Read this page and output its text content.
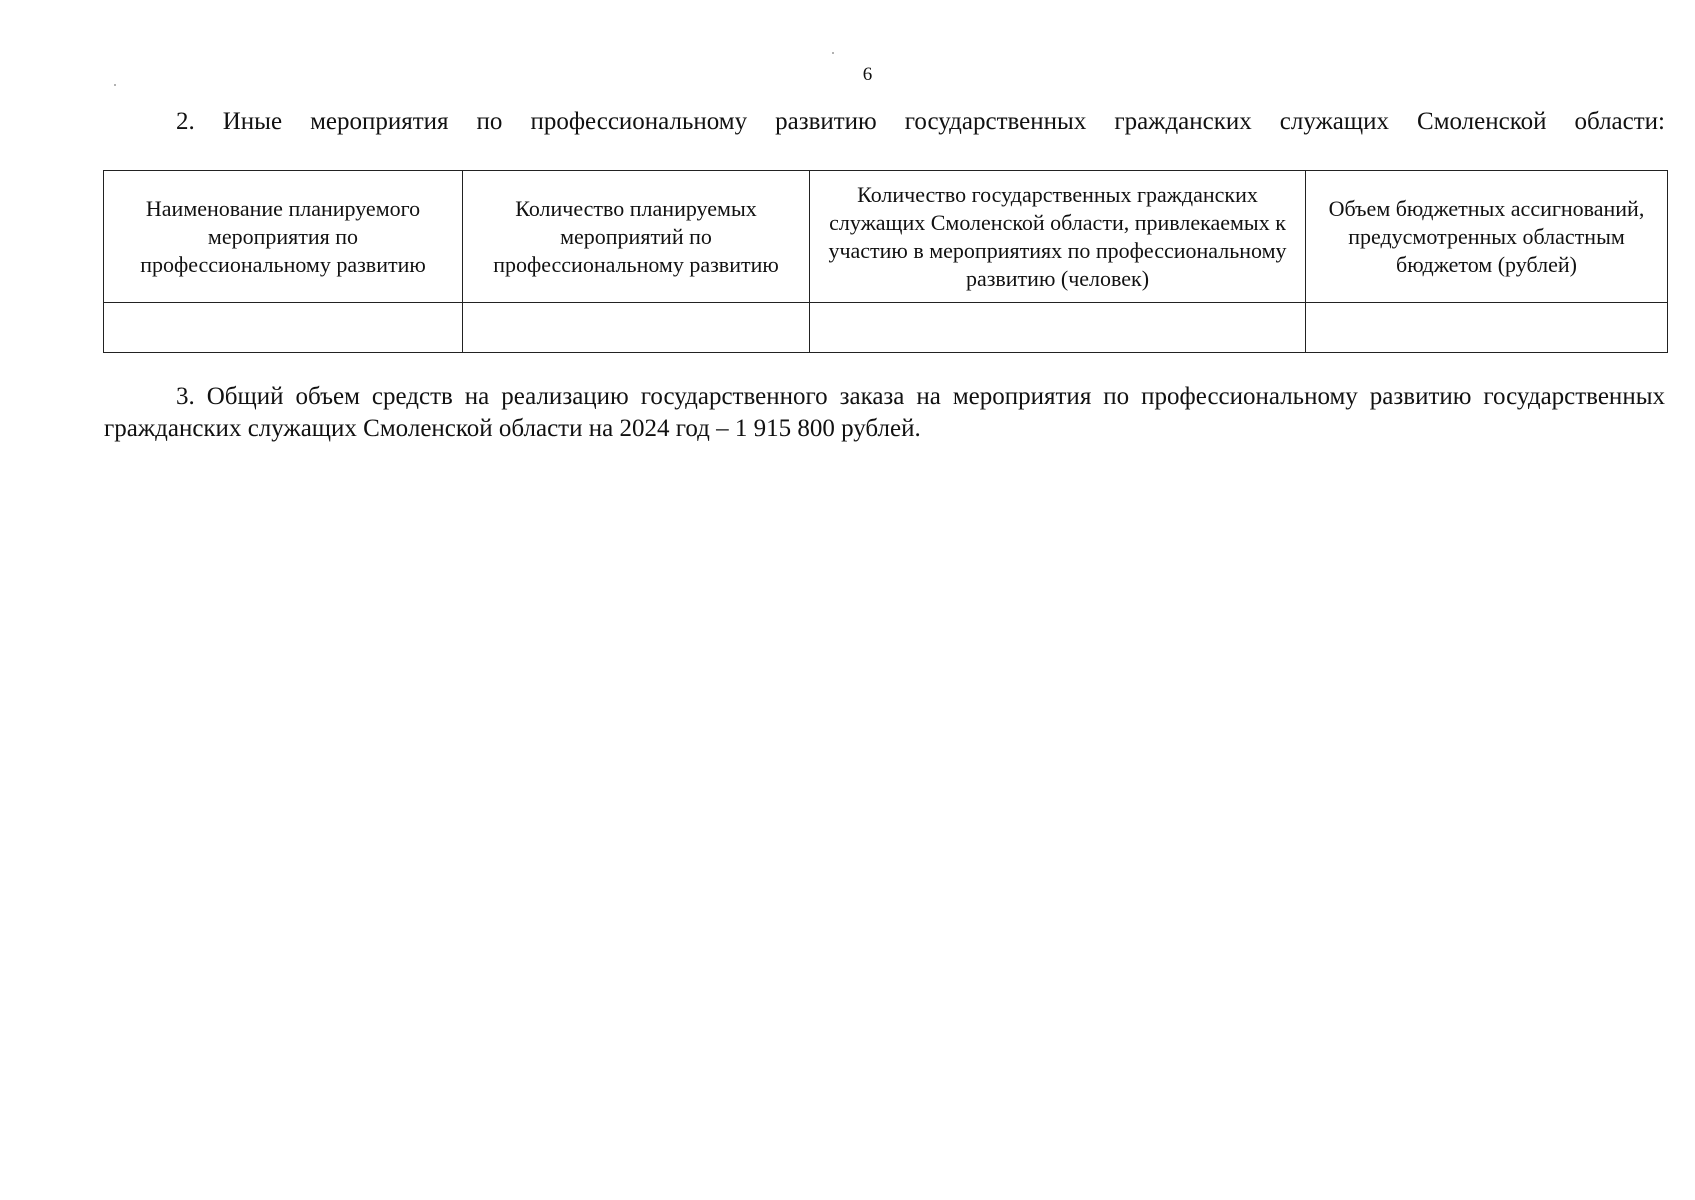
6

2. Иные мероприятия по профессиональному развитию государственных гражданских служащих Смоленской области:

Наименование планируемого мероприятия по профессиональному развитию	Количество планируемых мероприятий по профессиональному развитию	Количество государственных гражданских служащих Смоленской области, привлекаемых к участию в мероприятиях по профессиональному развитию (человек)	Объем бюджетных ассигнований, предусмотренных областным бюджетом (рублей)

3. Общий объем средств на реализацию государственного заказа на мероприятия по профессиональному развитию государственных гражданских служащих Смоленской области на 2024 год – 1 915 800 рублей.
